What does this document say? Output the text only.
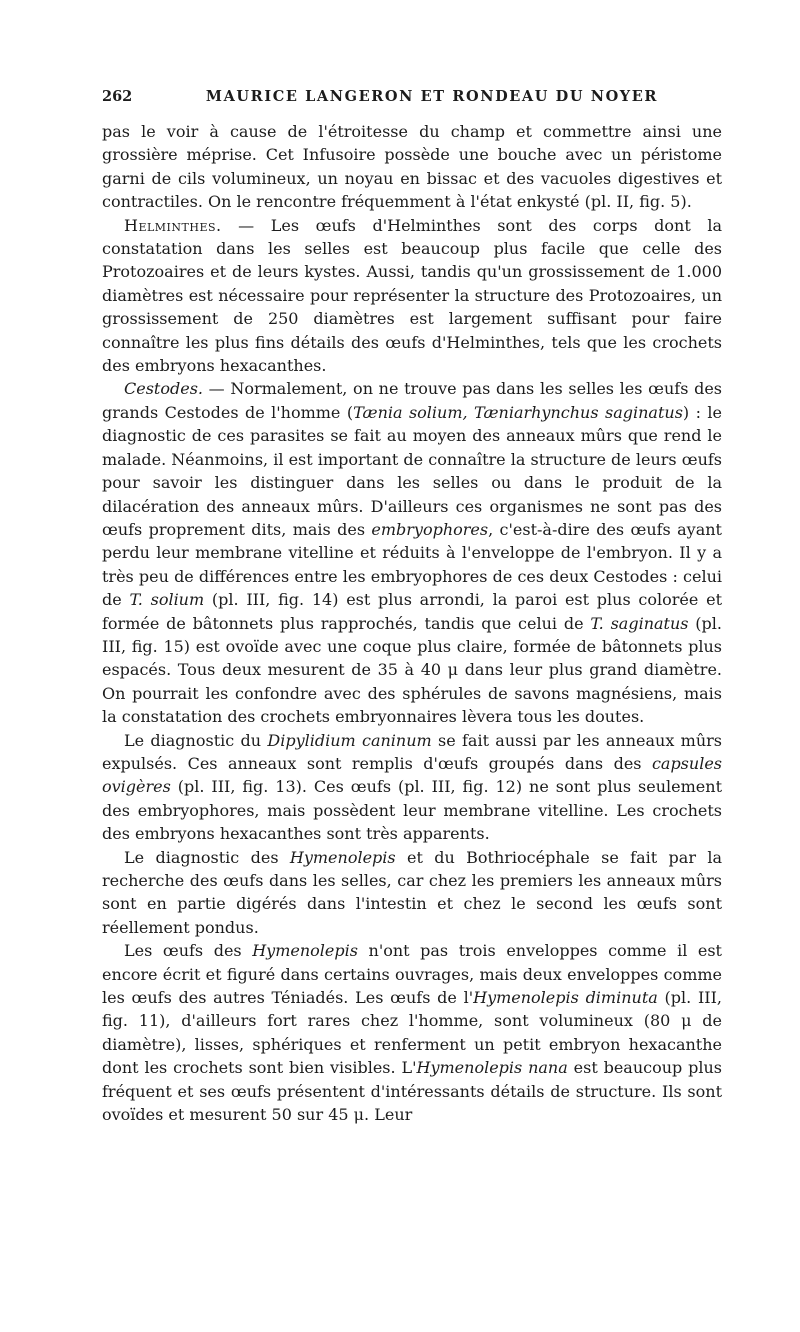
262	MAURICE LANGERON ET RONDEAU DU NOYER

pas le voir à cause de l'étroitesse du champ et commettre ainsi une grossière méprise. Cet Infusoire possède une bouche avec un péristome garni de cils volumineux, un noyau en bissac et des vacuoles digestives et contractiles. On le rencontre fréquemment à l'état enkysté (pl. II, fig. 5).

Helminthes. — Les œufs d'Helminthes sont des corps dont la constatation dans les selles est beaucoup plus facile que celle des Protozoaires et de leurs kystes. Aussi, tandis qu'un grossissement de 1.000 diamètres est nécessaire pour représenter la structure des Protozoaires, un grossissement de 250 diamètres est largement suffisant pour faire connaître les plus fins détails des œufs d'Helminthes, tels que les crochets des embryons hexacanthes.

Cestodes. — Normalement, on ne trouve pas dans les selles les œufs des grands Cestodes de l'homme (Tænia solium, Tæniarhynchus saginatus) : le diagnostic de ces parasites se fait au moyen des anneaux mûrs que rend le malade. Néanmoins, il est important de connaître la structure de leurs œufs pour savoir les distinguer dans les selles ou dans le produit de la dilacération des anneaux mûrs. D'ailleurs ces organismes ne sont pas des œufs proprement dits, mais des embryophores, c'est-à-dire des œufs ayant perdu leur membrane vitelline et réduits à l'enveloppe de l'embryon. Il y a très peu de différences entre les embryophores de ces deux Cestodes : celui de T. solium (pl. III, fig. 14) est plus arrondi, la paroi est plus colorée et formée de bâtonnets plus rapprochés, tandis que celui de T. saginatus (pl. III, fig. 15) est ovoïde avec une coque plus claire, formée de bâtonnets plus espacés. Tous deux mesurent de 35 à 40 μ dans leur plus grand diamètre. On pourrait les confondre avec des sphérules de savons magnésiens, mais la constatation des crochets embryonnaires lèvera tous les doutes.

Le diagnostic du Dipylidium caninum se fait aussi par les anneaux mûrs expulsés. Ces anneaux sont remplis d'œufs groupés dans des capsules ovigères (pl. III, fig. 13). Ces œufs (pl. III, fig. 12) ne sont plus seulement des embryophores, mais possèdent leur membrane vitelline. Les crochets des embryons hexacanthes sont très apparents.

Le diagnostic des Hymenolepis et du Bothriocéphale se fait par la recherche des œufs dans les selles, car chez les premiers les anneaux mûrs sont en partie digérés dans l'intestin et chez le second les œufs sont réellement pondus.

Les œufs des Hymenolepis n'ont pas trois enveloppes comme il est encore écrit et figuré dans certains ouvrages, mais deux enveloppes comme les œufs des autres Téniadés. Les œufs de l'Hymenolepis diminuta (pl. III, fig. 11), d'ailleurs fort rares chez l'homme, sont volumineux (80 μ de diamètre), lisses, sphériques et renferment un petit embryon hexacanthe dont les crochets sont bien visibles. L'Hymenolepis nana est beaucoup plus fréquent et ses œufs présentent d'intéressants détails de structure. Ils sont ovoïdes et mesurent 50 sur 45 μ. Leur
